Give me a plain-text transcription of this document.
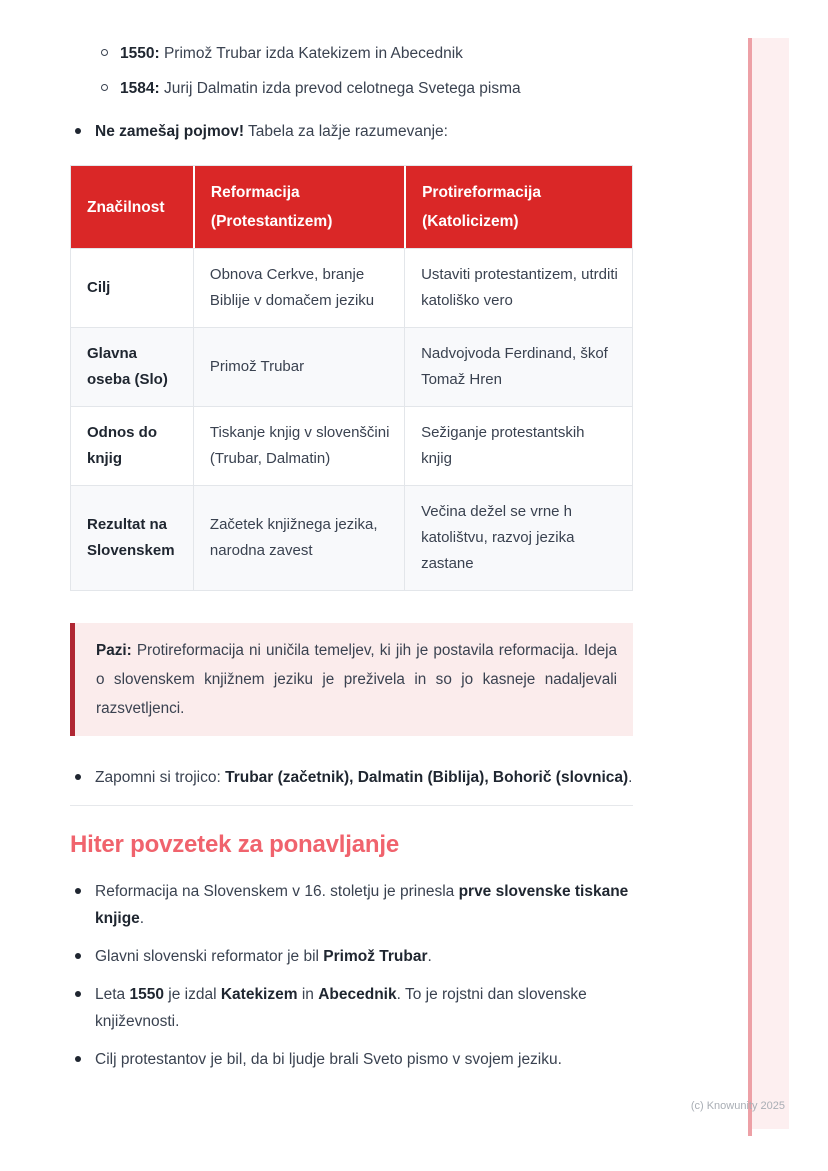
1550: Primož Trubar izda Katekizem in Abecednik
1584: Jurij Dalmatin izda prevod celotnega Svetega pisma
Ne zamešaj pojmov! Tabela za lažje razumevanje:
Značilnost	Reformacija (Protestantizem)	Protireformacija (Katolicizem)
Cilj	Obnova Cerkve, branje Biblije v domačem jeziku	Ustaviti protestantizem, utrditi katoliško vero
Glavna oseba (Slo)	Primož Trubar	Nadvojvoda Ferdinand, škof Tomaž Hren
Odnos do knjig	Tiskanje knjig v slovenščini (Trubar, Dalmatin)	Sežiganje protestantskih knjig
Rezultat na Slovenskem	Začetek knjižnega jezika, narodna zavest	Večina dežel se vrne h katolištvu, razvoj jezika zastane
Pazi: Protireformacija ni uničila temeljev, ki jih je postavila reformacija. Ideja o slovenskem knjižnem jeziku je preživela in so jo kasneje nadaljevali razsvetljenci.
Zapomni si trojico: Trubar (začetnik), Dalmatin (Biblija), Bohorič (slovnica).
Hiter povzetek za ponavljanje
Reformacija na Slovenskem v 16. stoletju je prinesla prve slovenske tiskane knjige.
Glavni slovenski reformator je bil Primož Trubar.
Leta 1550 je izdal Katekizem in Abecednik. To je rojstni dan slovenske književnosti.
Cilj protestantov je bil, da bi ljudje brali Sveto pismo v svojem jeziku.
(c) Knowunity 2025
